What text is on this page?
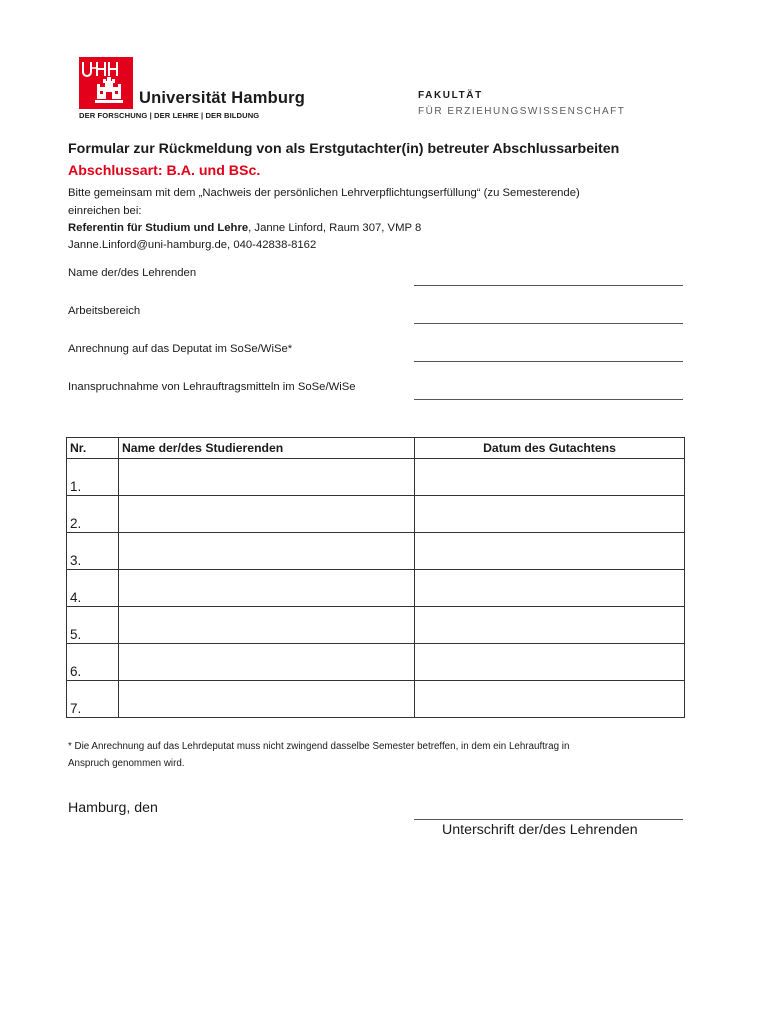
Universität Hamburg
DER FORSCHUNG | DER LEHRE | DER BILDUNG
FAKULTÄT
FÜR ERZIEHUNGSWISSENSCHAFT
Formular zur Rückmeldung von als Erstgutachter(in) betreuter Abschlussarbeiten
Abschlussart: B.A. und BSc.
Bitte gemeinsam mit dem „Nachweis der persönlichen Lehrverpflichtungserfüllung“ (zu Semesterende)
einreichen bei:
Referentin für Studium und Lehre, Janne Linford, Raum 307, VMP 8
Janne.Linford@uni-hamburg.de, 040-42838-8162
Name der/des Lehrenden
Arbeitsbereich
Anrechnung auf das Deputat im SoSe/WiSe*
Inanspruchnahme von Lehrauftragsmitteln im SoSe/WiSe
Nr.	Name der/des Studierenden	Datum des Gutachtens
1.		
2.		
3.		
4.		
5.		
6.		
7.		
* Die Anrechnung auf das Lehrdeputat muss nicht zwingend dasselbe Semester betreffen, in dem ein Lehrauftrag in
Anspruch genommen wird.
Hamburg, den
Unterschrift der/des Lehrenden
